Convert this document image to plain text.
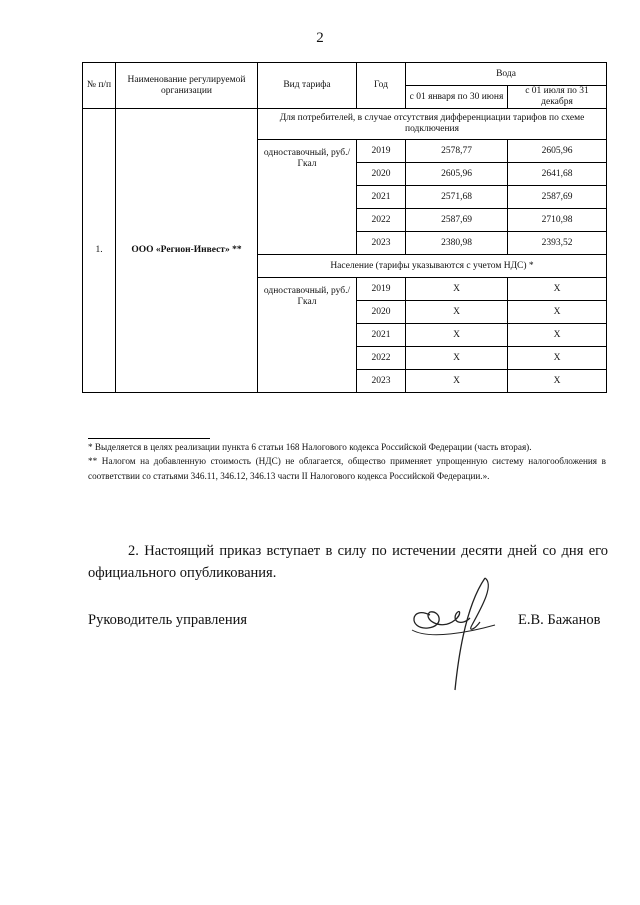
2
№ п/п	Наименование регулируемой организации	Вид тарифа	Год	Вода	
				с 01 января по 30 июня	с 01 июля по 31 декабря
1.	ООО «Регион-Инвест» **	Для потребителей, в случае отсутствия дифференциации тарифов по схеме подключения			
		одноставочный, руб./Гкал	2019	2578,77	2605,96
			2020	2605,96	2641,68
			2021	2571,68	2587,69
			2022	2587,69	2710,98
			2023	2380,98	2393,52
		Население (тарифы указываются с учетом НДС) *			
		одноставочный, руб./Гкал	2019	Х	Х
			2020	Х	Х
			2021	Х	Х
			2022	Х	Х
			2023	Х	Х

* Выделяется в целях реализации пункта 6 статьи 168 Налогового кодекса Российской Федерации (часть вторая).

** Налогом на добавленную стоимость (НДС) не облагается, общество применяет упрощенную систему налогообложения в соответствии со статьями 346.11, 346.12, 346.13 части II Налогового кодекса Российской Федерации.».

2. Настоящий приказ вступает в силу по истечении десяти дней со дня его официального опубликования.
Руководитель управления	Е.В. Бажанов
